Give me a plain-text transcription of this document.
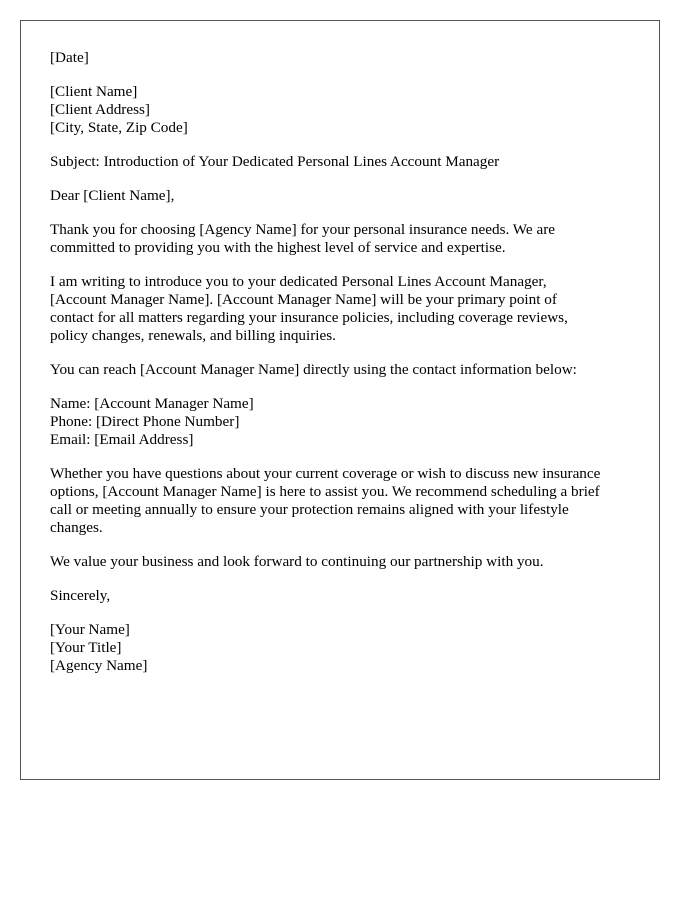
[Date]
[Client Name]
[Client Address]
[City, State, Zip Code]
Subject: Introduction of Your Dedicated Personal Lines Account Manager
Dear [Client Name],

Thank you for choosing [Agency Name] for your personal insurance needs. We are
committed to providing you with the highest level of service and expertise.

I am writing to introduce you to your dedicated Personal Lines Account Manager,
[Account Manager Name]. [Account Manager Name] will be your primary point of
contact for all matters regarding your insurance policies, including coverage reviews,
policy changes, renewals, and billing inquiries.

You can reach [Account Manager Name] directly using the contact information below:

Name: [Account Manager Name]
Phone: [Direct Phone Number]
Email: [Email Address]

Whether you have questions about your current coverage or wish to discuss new insurance
options, [Account Manager Name] is here to assist you. We recommend scheduling a brief
call or meeting annually to ensure your protection remains aligned with your lifestyle
changes.

We value your business and look forward to continuing our partnership with you.

Sincerely,
[Your Name]
[Your Title]
[Agency Name]
